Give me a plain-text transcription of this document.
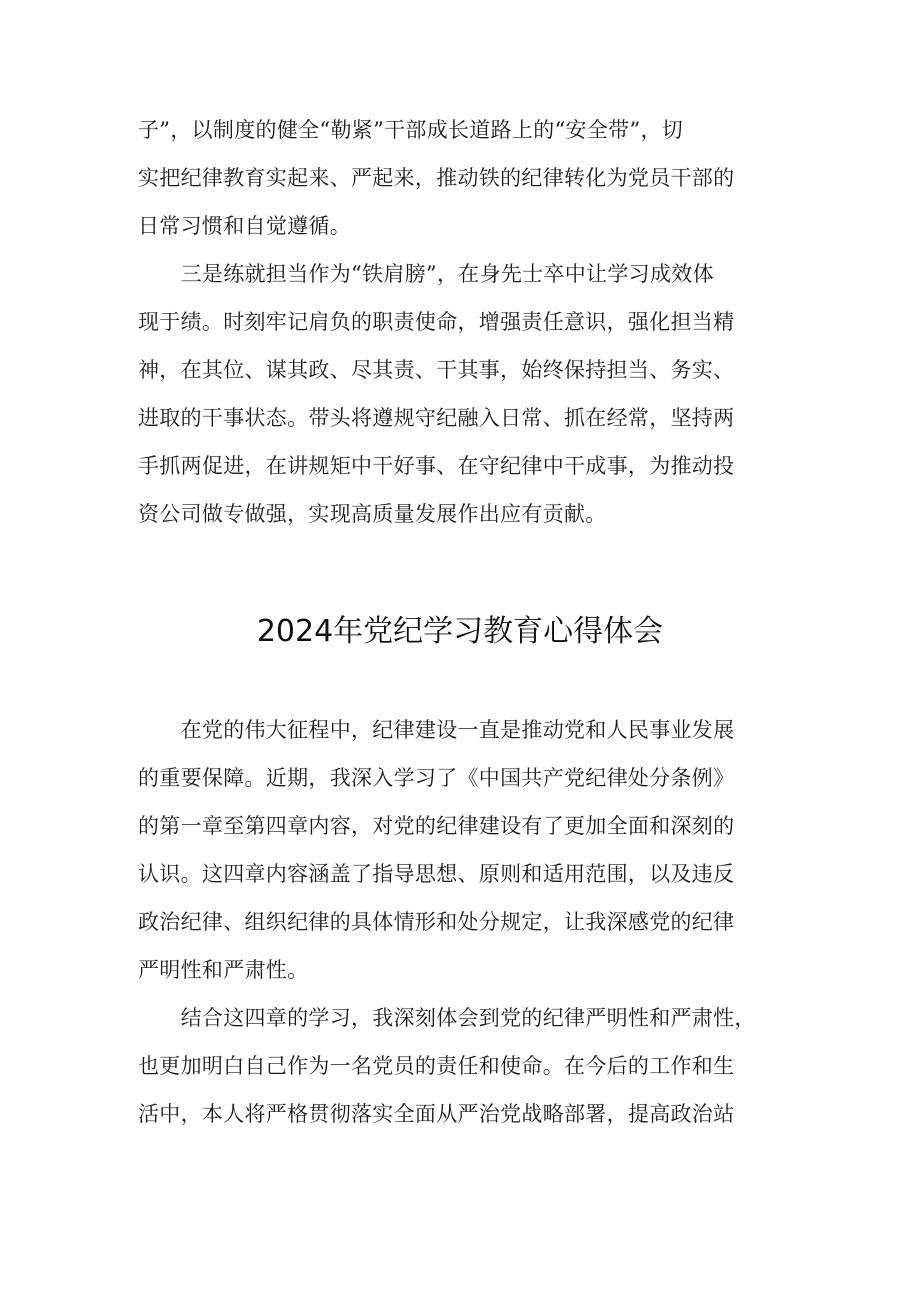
子”，以制度的健全“勒紧”干部成长道路上的“安全带”，切
实把纪律教育实起来、严起来，推动铁的纪律转化为党员干部的
日常习惯和自觉遵循。
　　三是练就担当作为“铁肩膀”，在身先士卒中让学习成效体
现于绩。时刻牢记肩负的职责使命，增强责任意识，强化担当精
神，在其位、谋其政、尽其责、干其事，始终保持担当、务实、
进取的干事状态。带头将遵规守纪融入日常、抓在经常，坚持两
手抓两促进，在讲规矩中干好事、在守纪律中干成事，为推动投
资公司做专做强，实现高质量发展作出应有贡献。
2024年党纪学习教育心得体会
　　在党的伟大征程中，纪律建设一直是推动党和人民事业发展
的重要保障。近期，我深入学习了《中国共产党纪律处分条例》
的第一章至第四章内容，对党的纪律建设有了更加全面和深刻的
认识。这四章内容涵盖了指导思想、原则和适用范围，以及违反
政治纪律、组织纪律的具体情形和处分规定，让我深感党的纪律
严明性和严肃性。
　　结合这四章的学习，我深刻体会到党的纪律严明性和严肃性，
也更加明白自己作为一名党员的责任和使命。在今后的工作和生
活中，本人将严格贯彻落实全面从严治党战略部署，提高政治站
